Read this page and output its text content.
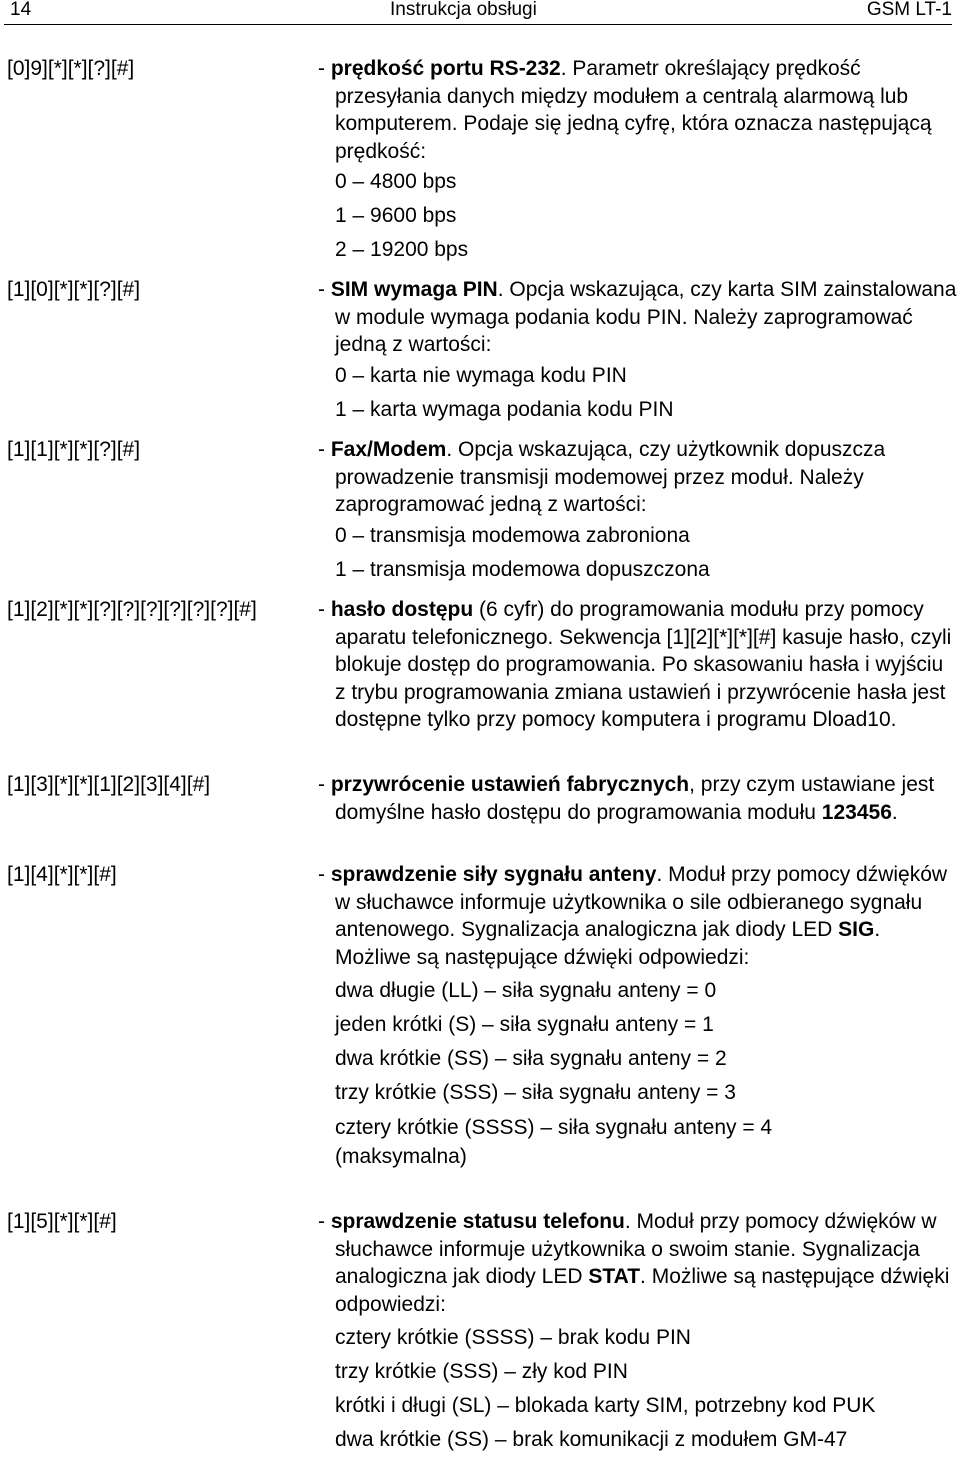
14	Instrukcja obsługi	GSM LT-1
[0]9][*][*][?][#]	- prędkość portu RS-232. Parametr określający prędkość przesyłania danych między modułem a centralą alarmową lub komputerem. Podaje się jedną cyfrę, która oznacza następującą prędkość:

0 – 4800 bps

1 – 9600 bps

2 – 19200 bps

[1][0][*][*][?][#]	- SIM wymaga PIN. Opcja wskazująca, czy karta SIM zainstalowana w module wymaga podania kodu PIN. Należy zaprogramować jedną z wartości:

0 – karta nie wymaga kodu PIN

1 – karta wymaga podania kodu PIN

[1][1][*][*][?][#]	- Fax/Modem. Opcja wskazująca, czy użytkownik dopuszcza prowadzenie transmisji modemowej przez moduł. Należy zaprogramować jedną z wartości:

0 – transmisja modemowa zabroniona

1 – transmisja modemowa dopuszczona

[1][2][*][*][?][?][?][?][?][?][#]	- hasło dostępu (6 cyfr) do programowania modułu przy pomocy aparatu telefonicznego. Sekwencja [1][2][*][*][#] kasuje hasło, czyli blokuje dostęp do programowania. Po skasowaniu hasła i wyjściu z trybu programowania zmiana ustawień i przywrócenie hasła jest dostępne tylko przy pomocy komputera i programu Dload10.

[1][3][*][*][1][2][3][4][#]	- przywrócenie ustawień fabrycznych, przy czym ustawiane jest domyślne hasło dostępu do programowania modułu 123456.

[1][4][*][*][#]	- sprawdzenie siły sygnału anteny. Moduł przy pomocy dźwięków w słuchawce informuje użytkownika o sile odbieranego sygnału antenowego. Sygnalizacja analogiczna jak diody LED SIG. Możliwe są następujące dźwięki odpowiedzi:

dwa długie (LL) – siła sygnału anteny = 0

jeden krótki (S) – siła sygnału anteny = 1

dwa krótkie (SS) – siła sygnału anteny = 2

trzy krótkie (SSS) – siła sygnału anteny = 3

cztery krótkie (SSSS) – siła sygnału anteny = 4 (maksymalna)

[1][5][*][*][#]	- sprawdzenie statusu telefonu. Moduł przy pomocy dźwięków w słuchawce informuje użytkownika o swoim stanie. Sygnalizacja analogiczna jak diody LED STAT. Możliwe są następujące dźwięki odpowiedzi:

cztery krótkie (SSSS) – brak kodu PIN

trzy krótkie (SSS) – zły kod PIN

krótki i długi (SL) – blokada karty SIM, potrzebny kod PUK

dwa krótkie (SS) – brak komunikacji z modułem GM-47
